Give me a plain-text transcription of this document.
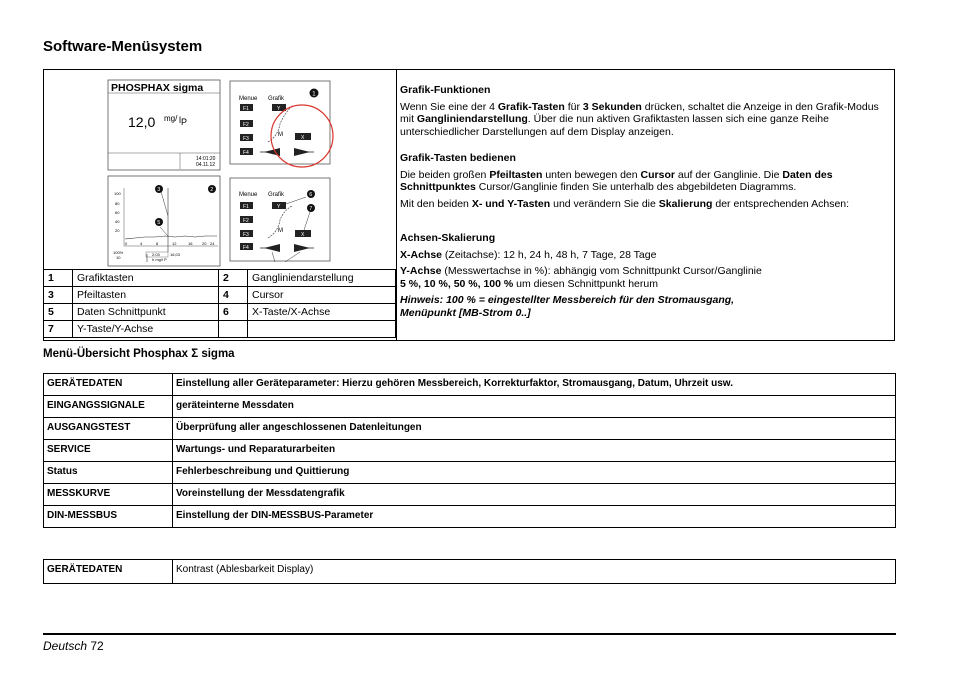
Software-Menüsystem
PHOSPHAX sigma
12,0 mg/ l P
14:01:20
04.11.12
Menue Grafik
F1
F2
F3
F4
Y
X
M
1
100
80
60
40
20
0	4	8	12	16 20 24
100%
10
2:03	16,03
h mg/l P
3
5
2
Menue Grafik
F1
F2
F3
F4
Y
X
M
6
7
1	Grafiktasten	2	Gangliniendarstellung
3	Pfeiltasten	4	Cursor
5	Daten Schnittpunkt	6	X-Taste/X-Achse
7	Y-Taste/Y-Achse		

Grafik-Funktionen

Wenn Sie eine der 4 Grafik-Tasten für 3 Sekunden drücken, schaltet die Anzeige in den Grafik-Modus mit Gangliniendarstellung. Über die nun aktiven Grafiktasten lassen sich eine ganze Reihe unterschiedlicher Darstellungen auf dem Display anzeigen.

Grafik-Tasten bedienen

Die beiden großen Pfeiltasten unten bewegen den Cursor auf der Ganglinie. Die Daten des Schnittpunktes Cursor/Ganglinie finden Sie unterhalb des abgebildeten Diagramms.

Mit den beiden X- und Y-Tasten und verändern Sie die Skalierung der entsprechenden Achsen:

Achsen-Skalierung

X-Achse (Zeitachse): 12 h, 24 h, 48 h, 7 Tage, 28 Tage

Y-Achse (Messwertachse in %): abhängig vom Schnittpunkt Cursor/Ganglinie
5 %, 10 %, 50 %, 100 % um diesen Schnittpunkt herum

Hinweis: 100 % = eingestellter Messbereich für den Stromausgang,
Menüpunkt [MB-Strom 0..]

Menü-Übersicht Phosphax Σ sigma
GERÄTEDATEN	Einstellung aller Geräteparameter: Hierzu gehören Messbereich, Korrekturfaktor, Stromausgang, Datum, Uhrzeit usw.
EINGANGSSIGNALE	geräteinterne Messdaten
AUSGANGSTEST	Überprüfung aller angeschlossenen Datenleitungen
SERVICE	Wartungs- und Reparaturarbeiten
Status	Fehlerbeschreibung und Quittierung
MESSKURVE	Voreinstellung der Messdatengrafik
DIN-MESSBUS	Einstellung der DIN-MESSBUS-Parameter
GERÄTEDATEN	Kontrast (Ablesbarkeit Display)
Deutsch 72
